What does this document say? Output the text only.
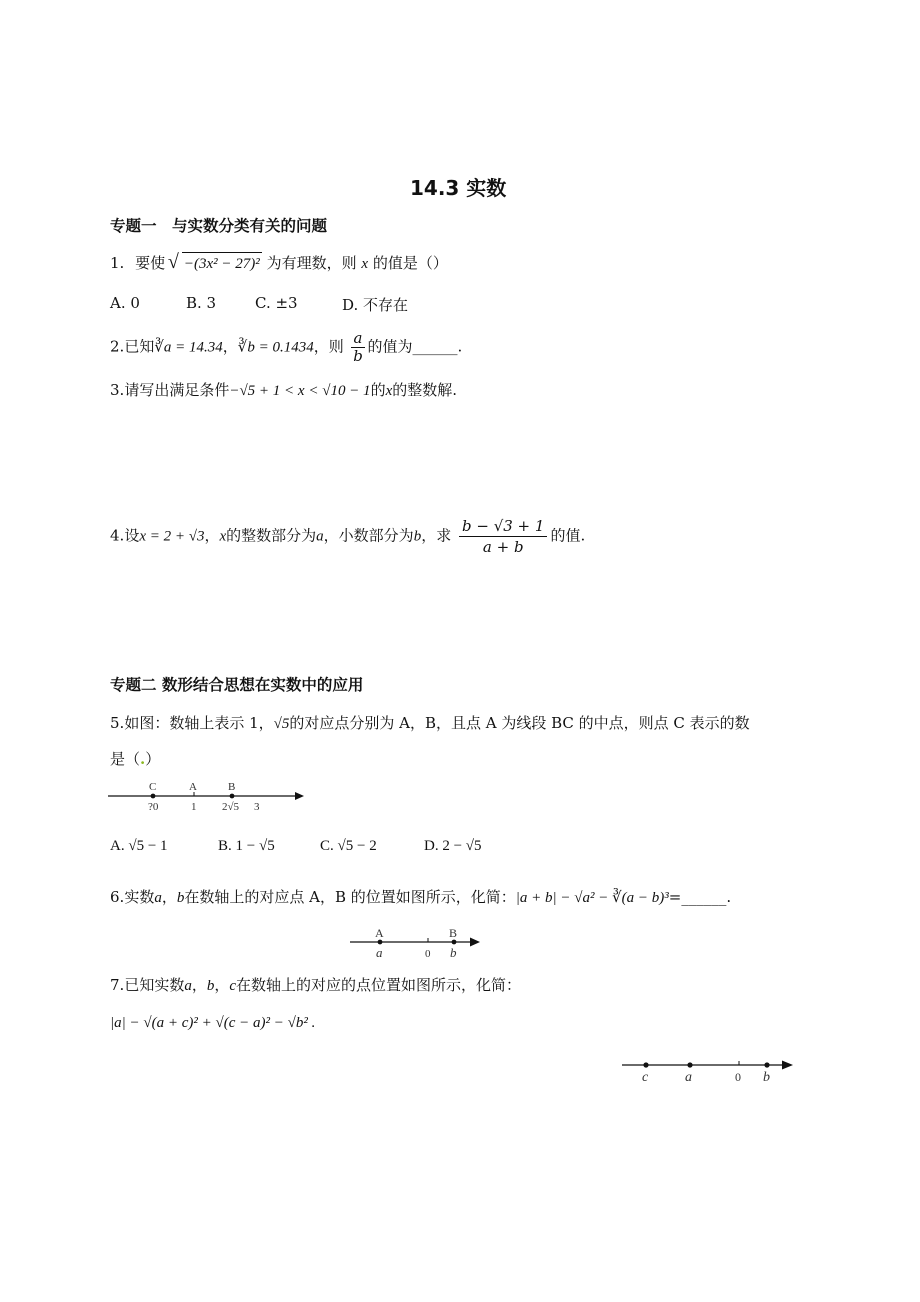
14.3 实数
专题一　与实数分类有关的问题
1. 要使 −(3x² − 27)²
√	为有理数，则 x 的值是（）
A. 0	B. 3	C. ±3	D. 不存在
2.已知∛a = 14.34，∛b = 0.1434，则 $\frac{a}{b}$ 的值为______.
3.请写出满足条件−√5 + 1 < x < √10 − 1的x的整数解.
4.设x = 2 + √3，x的整数部分为a，小数部分为b，求 $\frac{b - √3 + 1}{a + b}$ 的值.
专题二 数形结合思想在实数中的应用
5.如图：数轴上表示 1，√5的对应点分别为 A，B，且点 A 为线段 BC 的中点，则点 C 表示的数
是（.）
C	A	B
?0	1 2√5 3
A. √5 − 1	B. 1 − √5	C. √5 − 2	D. 2 − √5
6.实数a，b在数轴上的对应点 A，B 的位置如图所示，化简：|a + b| − √a² − ∛(a − b)³=______.
A	B
a	0 b
7.已知实数a，b，c在数轴上的对应的点位置如图所示，化简：
|a| − √(a + c)² + √(c − a)² − √b² .
c	a	0 b
